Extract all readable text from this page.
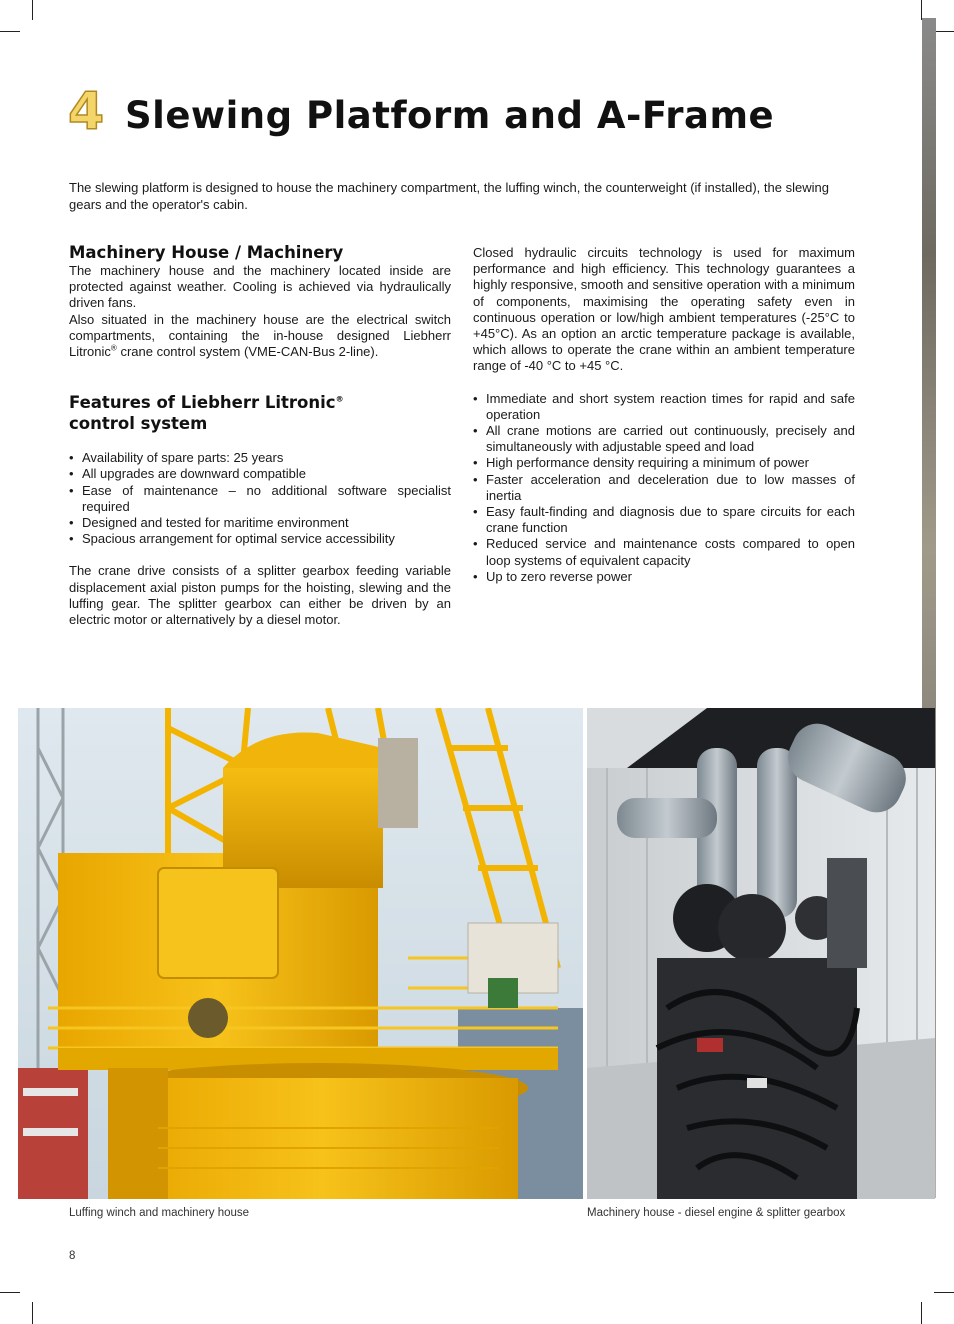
4 Slewing Platform and A-Frame

The slewing platform is designed to house the machinery compartment, the luffing winch, the counterweight (if installed), the slewing gears and the operator's cabin.

Machinery House / Machinery

The machinery house and the machinery located inside are protected against weather. Cooling is achieved via hydraulically driven fans.

Also situated in the machinery house are the electrical switch compartments, containing the in-house designed Liebherr Litronic® crane control system (VME-CAN-Bus 2-line).

Features of Liebherr Litronic®
control system
• Availability of spare parts: 25 years
• All upgrades are downward compatible
• Ease of maintenance – no additional software specialist required
• Designed and tested for maritime environment
• Spacious arrangement for optimal service accessibility

The crane drive consists of a splitter gearbox feeding variable displacement axial piston pumps for the hoisting, slewing and the luffing gear. The splitter gearbox can either be driven by an electric motor or alternatively by a diesel motor.

Closed hydraulic circuits technology is used for maximum performance and high efficiency. This technology guarantees a highly responsive, smooth and sensitive operation with a minimum of components, maximising the operating safety even in continuous operation or low/high ambient temperatures (-25°C to +45°C). As an option an arctic temperature package is available, which allows to operate the crane within an ambient temperature range of -40 °C to +45 °C.

• Immediate and short system reaction times for rapid and safe operation
• All crane motions are carried out continuously, precisely and simultaneously with adjustable speed and load
• High performance density requiring a minimum of power
• Faster acceleration and deceleration due to low masses of inertia
• Easy fault-finding and diagnosis due to spare circuits for each crane function
• Reduced service and maintenance costs compared to open loop systems of equivalent capacity
• Up to zero reverse power
Luffing winch and machinery house	Machinery house - diesel engine & splitter gearbox
8
